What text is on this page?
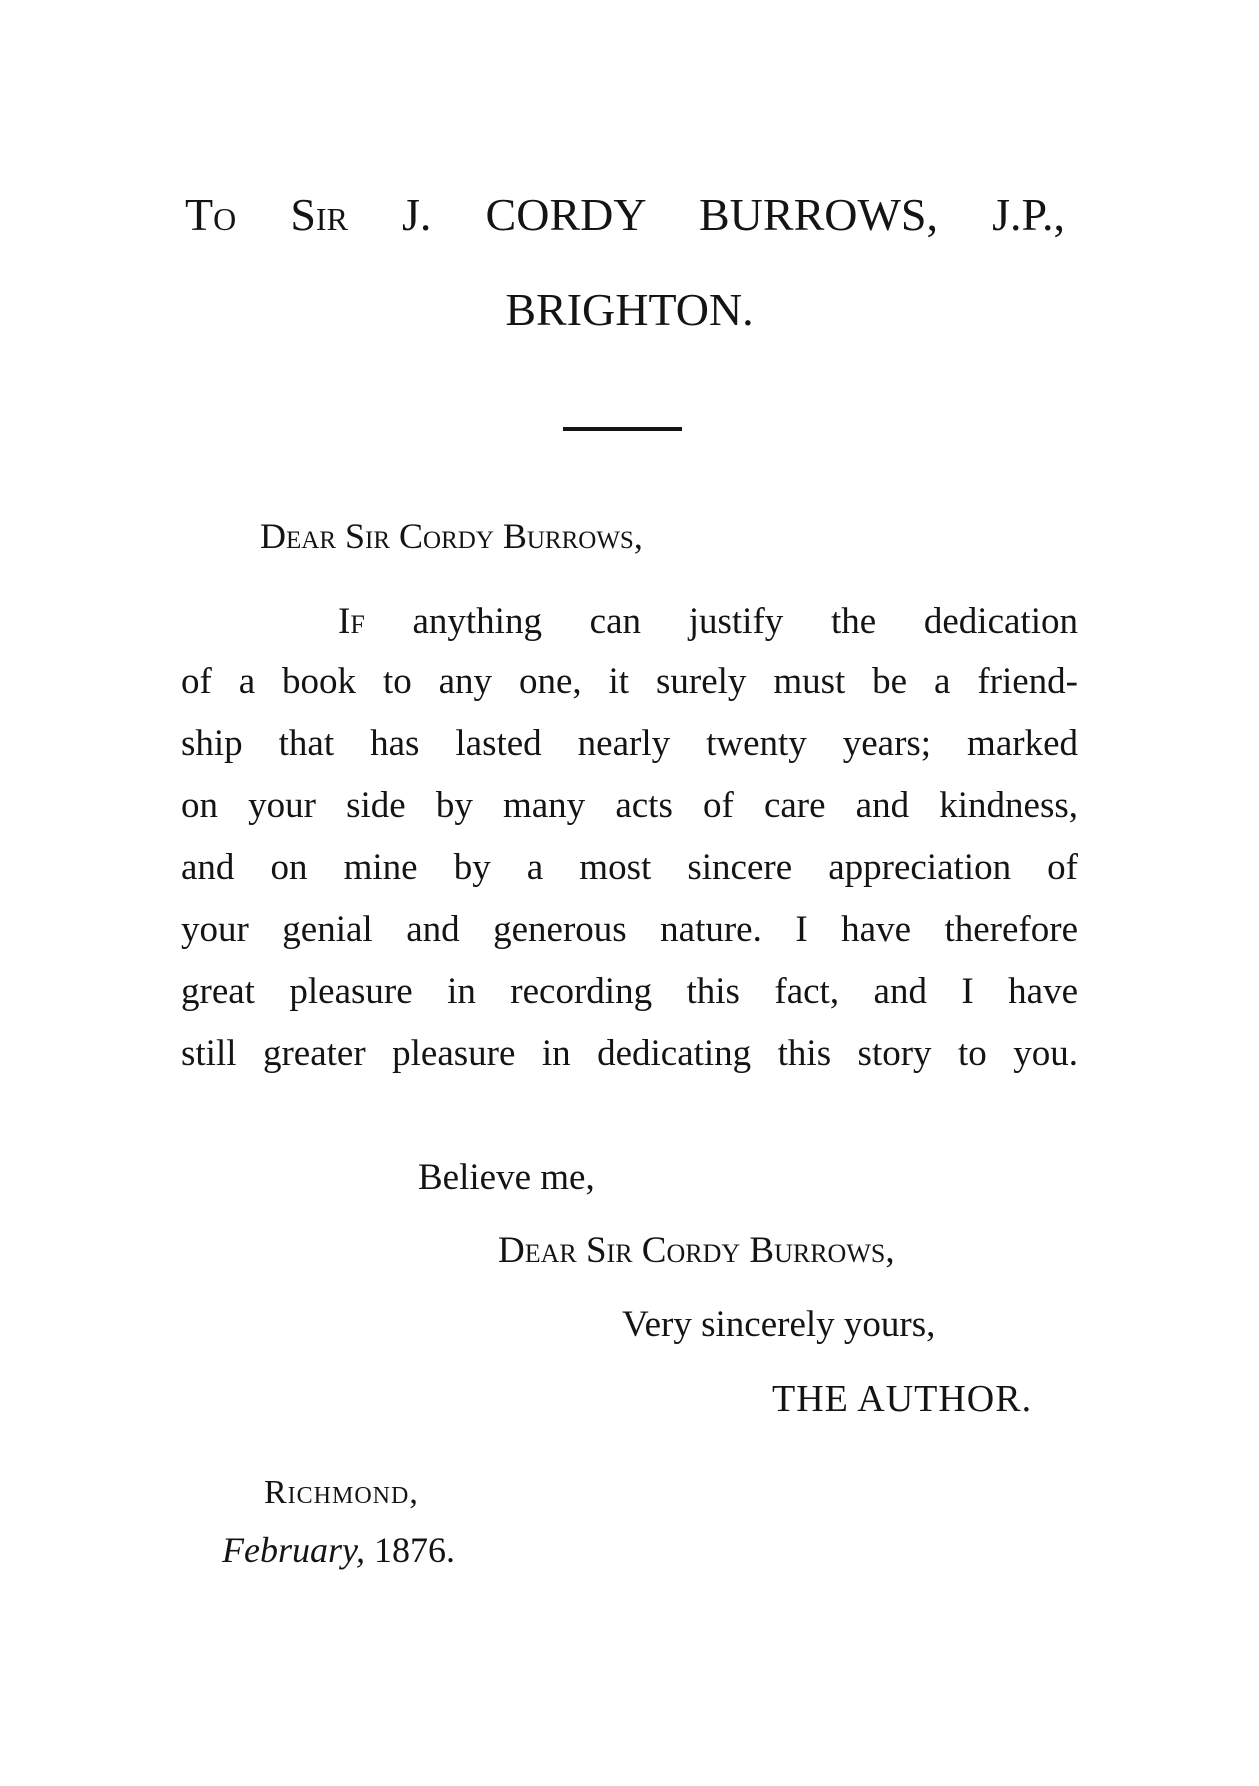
To Sir J. CORDY BURROWS, J.P.,
BRIGHTON.
Dear Sir Cordy Burrows,
If anything can justify the dedication
of a book to any one, it surely must be a friend-
ship that has lasted nearly twenty years; marked
on your side by many acts of care and kindness,
and on mine by a most sincere appreciation of
your genial and generous nature. I have therefore
great pleasure in recording this fact, and I have
still greater pleasure in dedicating this story to you.
Believe me,
Dear Sir Cordy Burrows,
Very sincerely yours,
THE AUTHOR.
Richmond,
February, 1876.
